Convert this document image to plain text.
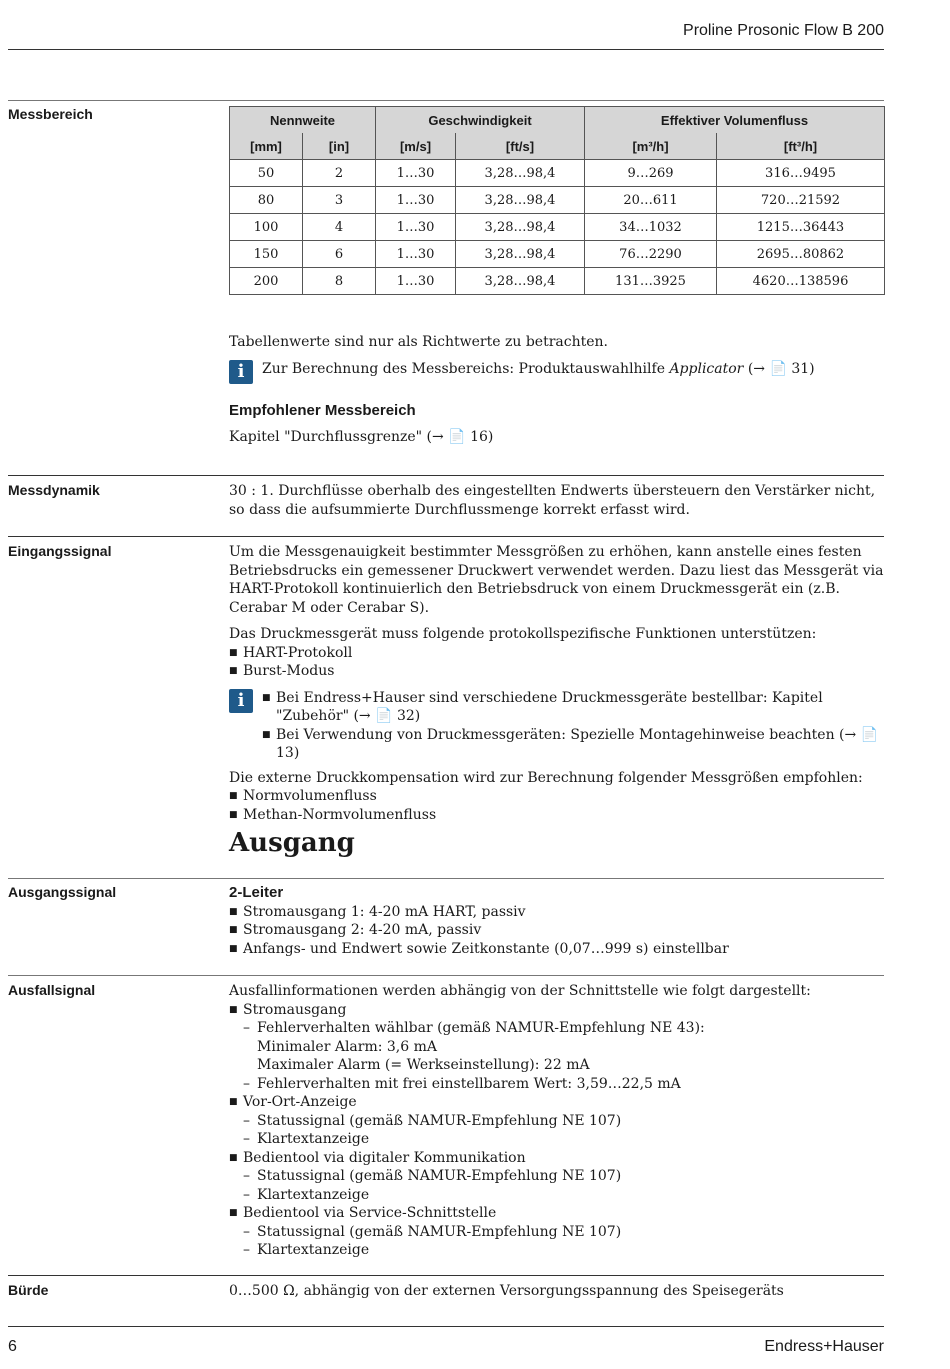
Proline Prosonic Flow B 200
Messbereich	Nennweite		Geschwindigkeit		Effektiver Volumenfluss	
[mm]	[in]	[m/s]	[ft/s]	[m³/h]	[ft³/h]
50	2	1…30	3,28…98,4	9…269	316…9495
80	3	1…30	3,28…98,4	20…611	720…21592
100	4	1…30	3,28…98,4	34…1032	1215…36443
150	6	1…30	3,28…98,4	76…2290	2695…80862
200	8	1…30	3,28…98,4	131…3925	4620…138596

Tabellenwerte sind nur als Richtwerte zu betrachten.

i	Zur Berechnung des Messbereichs: Produktauswahlhilfe Applicator (→ 📄 31)
Empfohlener Messbereich
Kapitel "Durchflussgrenze" (→ 📄 16)
Messdynamik	30 : 1. Durchflüsse oberhalb des eingestellten Endwerts übersteuern den Verstärker nicht, so dass die aufsummierte Durchflussmenge korrekt erfasst wird.
Eingangssignal	Um die Messgenauigkeit bestimmter Messgrößen zu erhöhen, kann anstelle eines festen Betriebsdrucks ein gemessener Druckwert verwendet werden. Dazu liest das Messgerät via HART-Protokoll kontinuierlich den Betriebsdruck von einem Druckmessgerät ein (z.B. Cerabar M oder Cerabar S).

Das Druckmessgerät muss folgende protokollspezifische Funktionen unterstützen:
■ HART-Protokoll
■ Burst-Modus
i	■ Bei Endress+Hauser sind verschiedene Druckmessgeräte bestellbar: Kapitel "Zubehör" (→ 📄 32)
■ Bei Verwendung von Druckmessgeräten: Spezielle Montagehinweise beachten (→ 📄 13)
Die externe Druckkompensation wird zur Berechnung folgender Messgrößen empfohlen:
■ Normvolumenfluss
■ Methan-Normvolumenfluss
Ausgang
Ausgangssignal	2-Leiter
■ Stromausgang 1: 4-20 mA HART, passiv
■ Stromausgang 2: 4-20 mA, passiv
■ Anfangs- und Endwert sowie Zeitkonstante (0,07…999 s) einstellbar
Ausfallsignal	Ausfallinformationen werden abhängig von der Schnittstelle wie folgt dargestellt:
■ Stromausgang
– Fehlerverhalten wählbar (gemäß NAMUR-Empfehlung NE 43):
Minimaler Alarm: 3,6 mA
Maximaler Alarm (= Werkseinstellung): 22 mA
– Fehlerverhalten mit frei einstellbarem Wert: 3,59…22,5 mA
■ Vor-Ort-Anzeige
– Statussignal (gemäß NAMUR-Empfehlung NE 107)
– Klartextanzeige
■ Bedientool via digitaler Kommunikation
– Statussignal (gemäß NAMUR-Empfehlung NE 107)
– Klartextanzeige
■ Bedientool via Service-Schnittstelle
– Statussignal (gemäß NAMUR-Empfehlung NE 107)
– Klartextanzeige
Bürde	0…500 Ω, abhängig von der externen Versorgungsspannung des Speisegeräts
6	Endress+Hauser
